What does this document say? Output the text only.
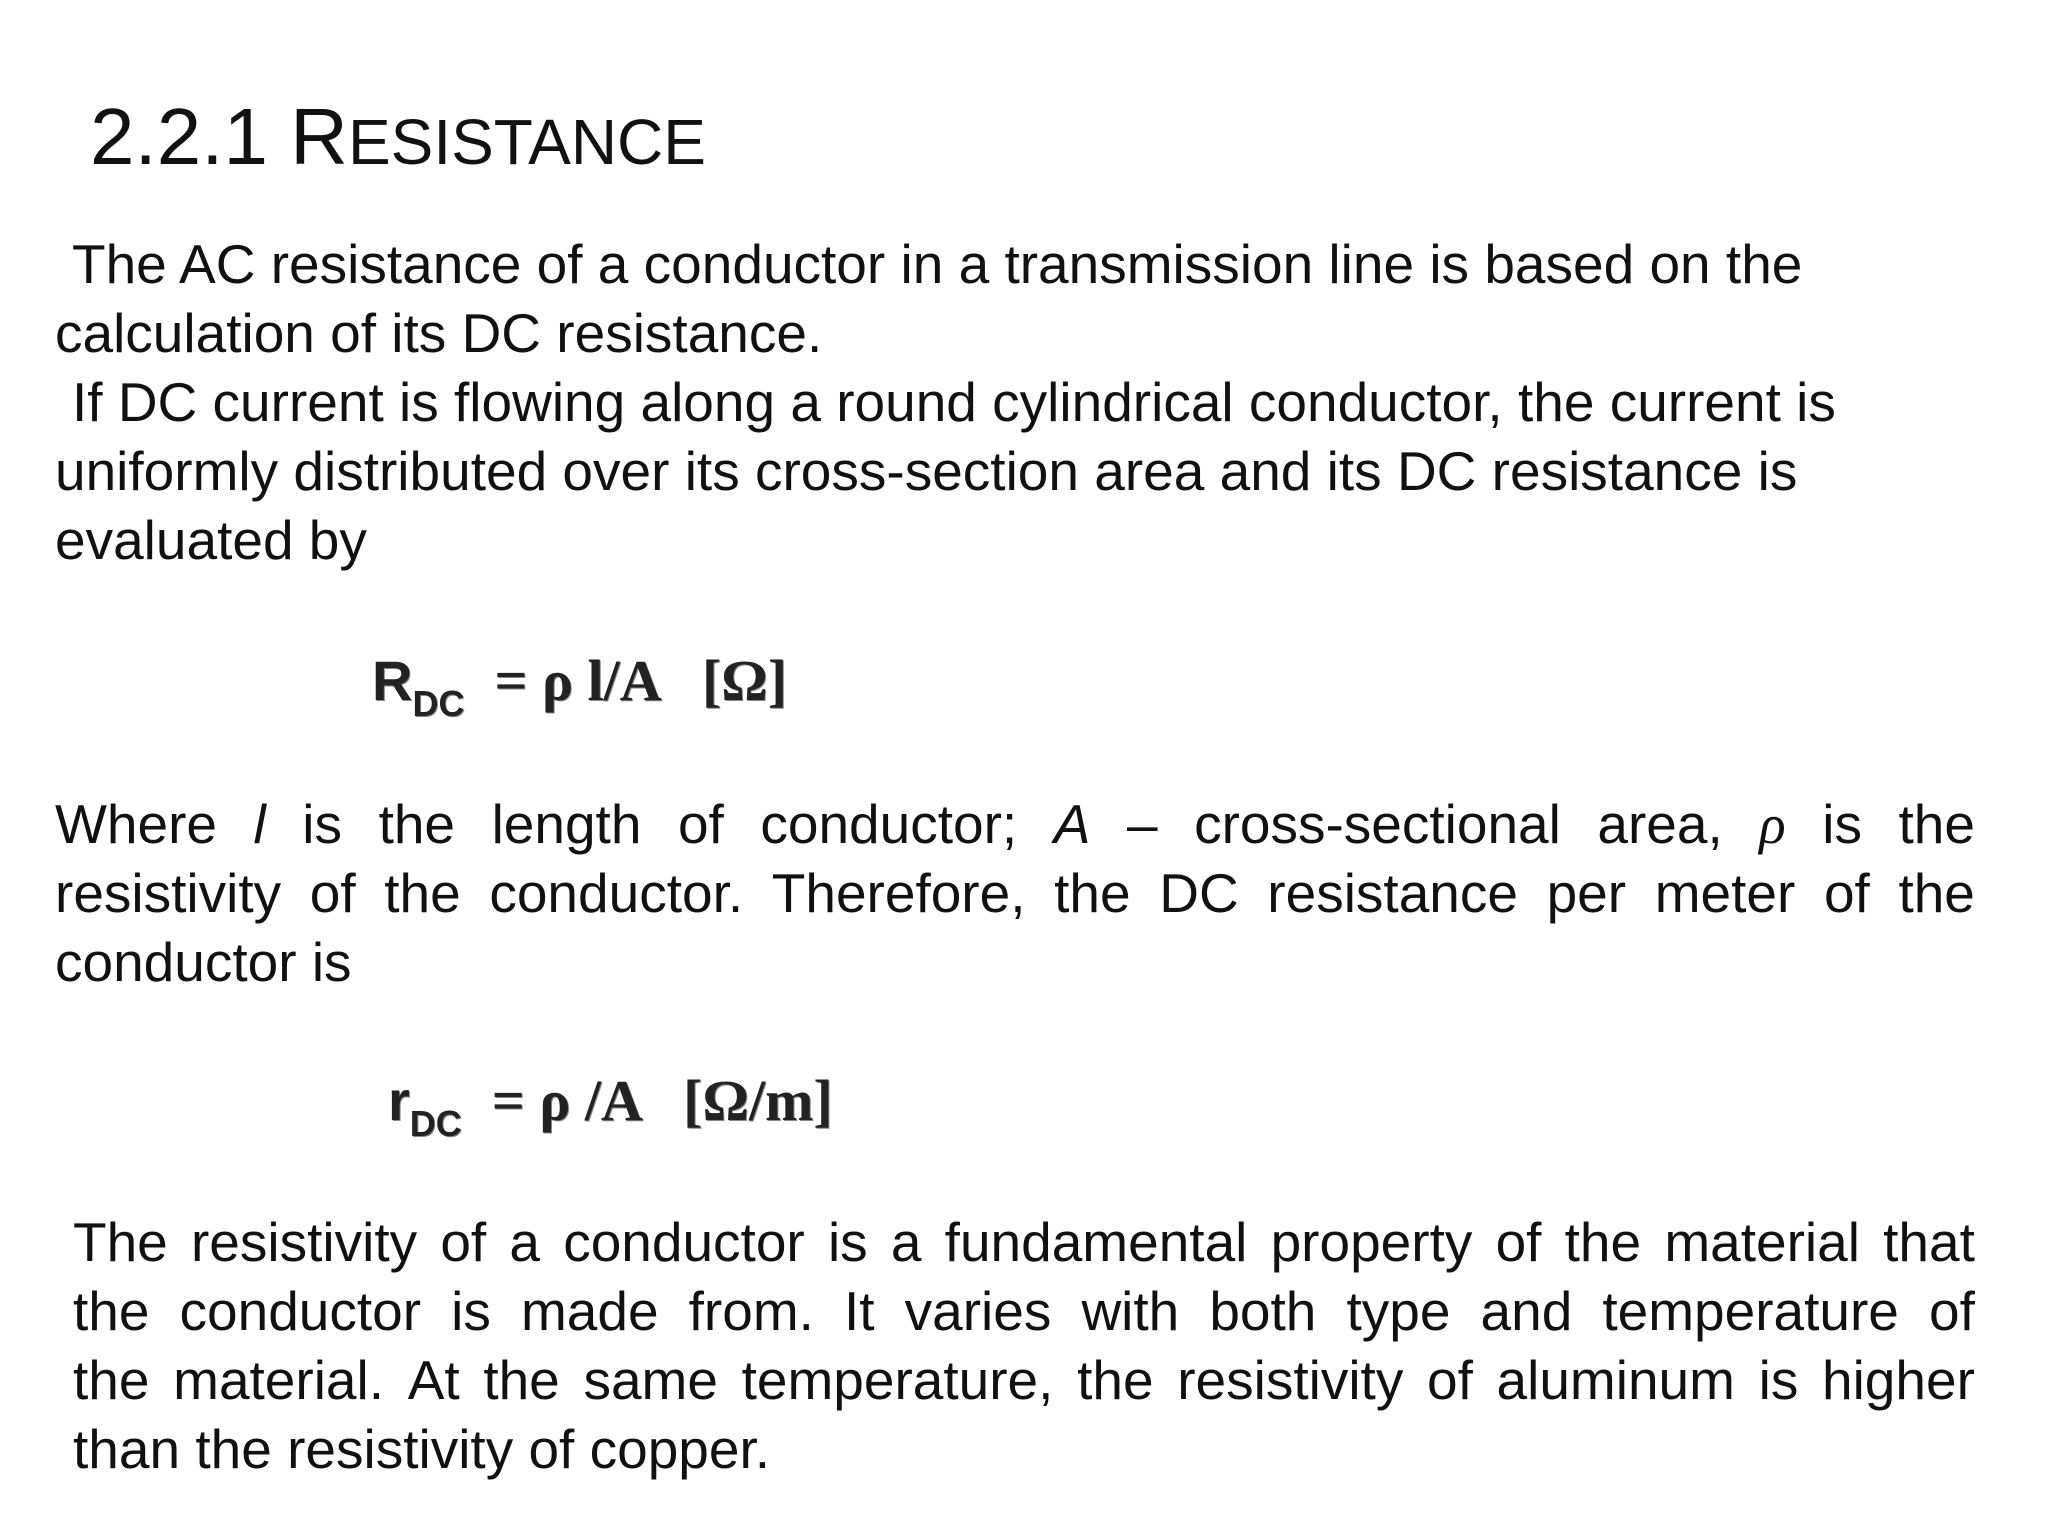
2.2.1 RESISTANCE
The AC resistance of a conductor in a transmission line is based on the
calculation of its DC resistance.
If DC current is flowing along a round cylindrical conductor, the current is
uniformly distributed over its cross-section area and its DC resistance is
evaluated by
$R_{DC} = \rho$ l/A   [Ω]
Where l is the length of conductor; A – cross-sectional area, ρ is the
resistivity of the conductor. Therefore, the DC resistance per meter of the
conductor is
$r_{DC} = \rho$ /A   [Ω/m]
The resistivity of a conductor is a fundamental property of the material that
the conductor is made from. It varies with both type and temperature of
the material. At the same temperature, the resistivity of aluminum is higher
than the resistivity of copper.
